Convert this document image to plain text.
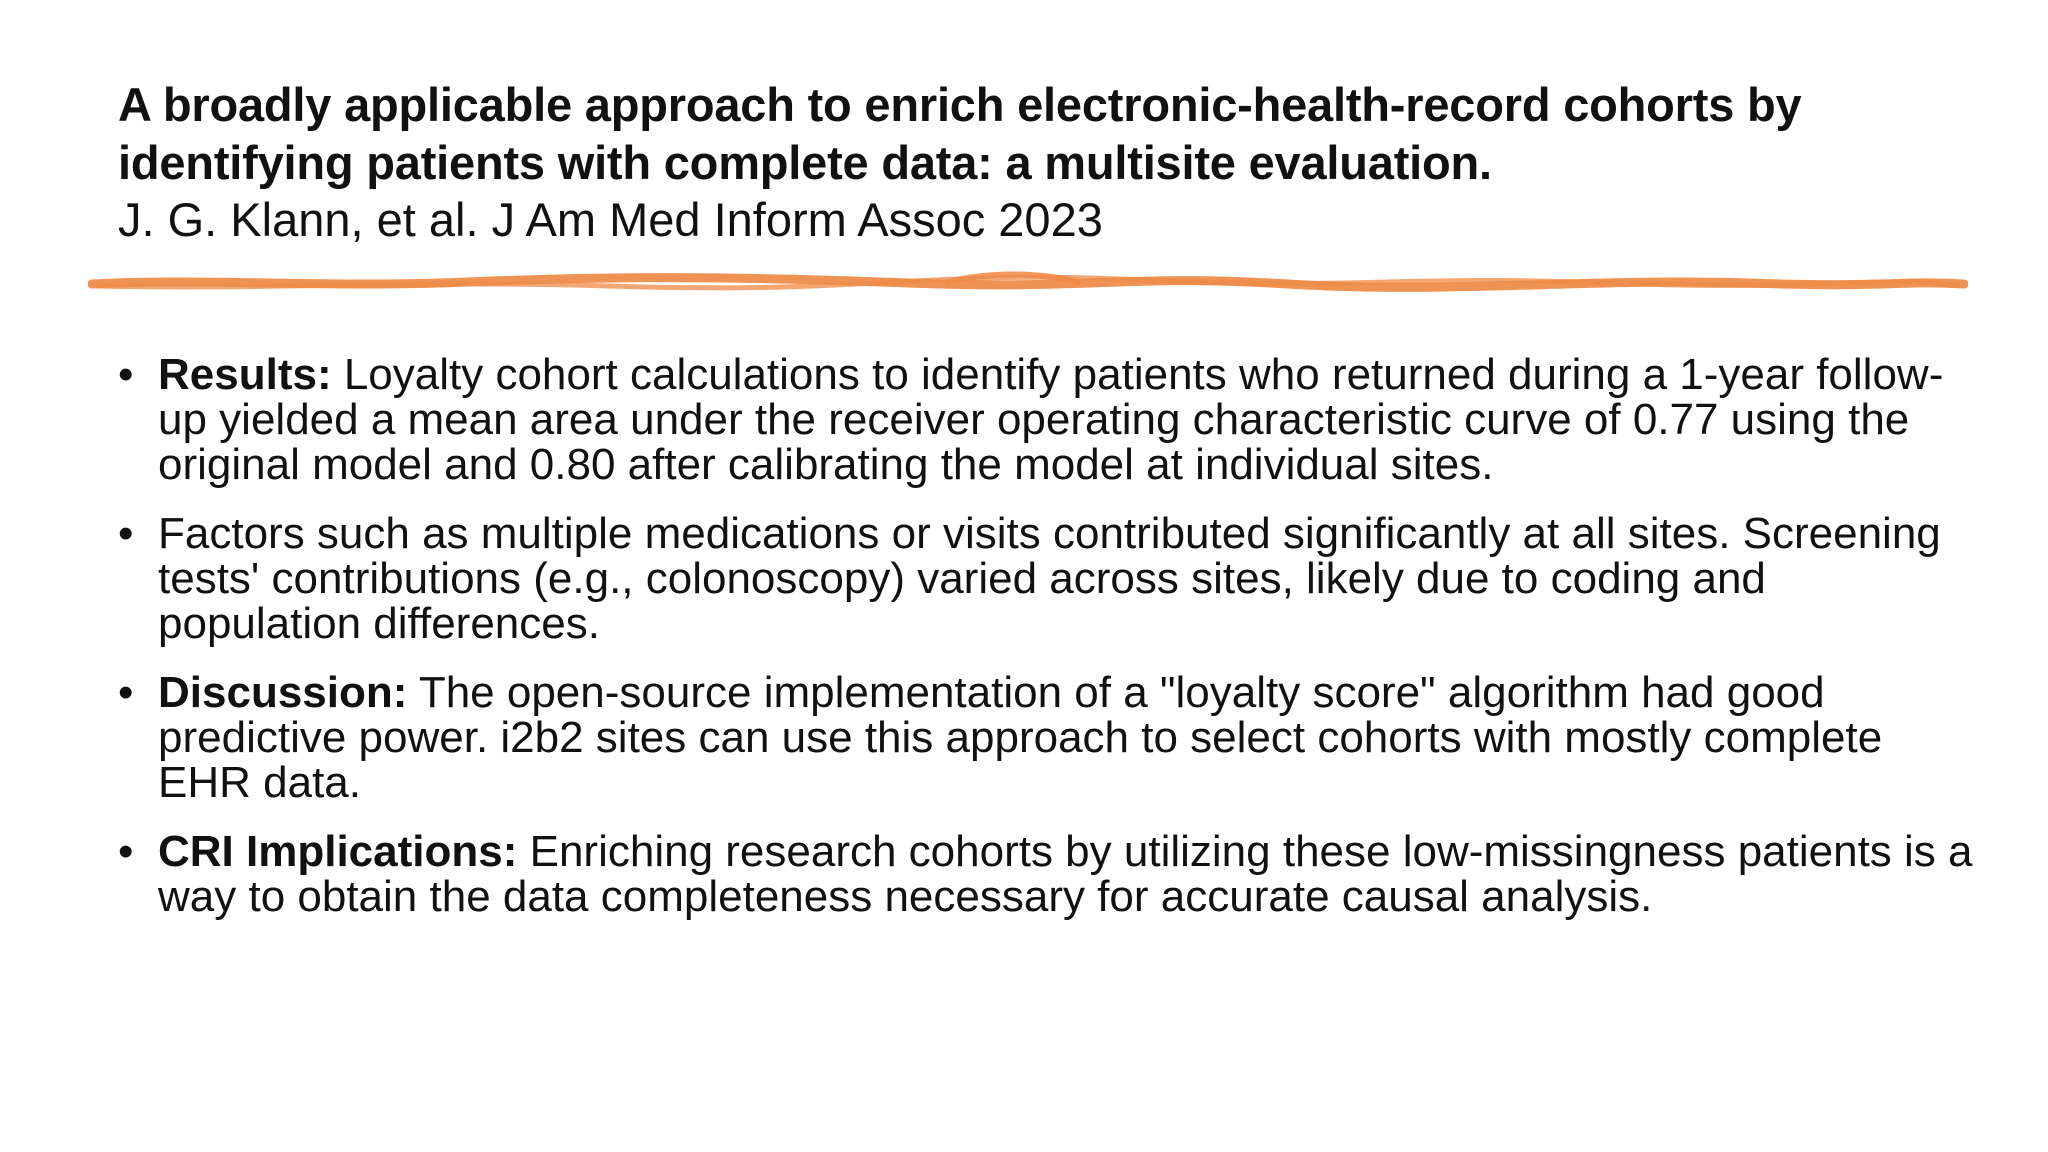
A broadly applicable approach to enrich electronic-health-record cohorts by identifying patients with complete data: a multisite evaluation.

J. G. Klann, et al. J Am Med Inform Assoc 2023

• Results: Loyalty cohort calculations to identify patients who returned during a 1-year follow-up yielded a mean area under the receiver operating characteristic curve of 0.77 using the original model and 0.80 after calibrating the model at individual sites.
• Factors such as multiple medications or visits contributed significantly at all sites. Screening tests' contributions (e.g., colonoscopy) varied across sites, likely due to coding and population differences.
• Discussion: The open-source implementation of a "loyalty score" algorithm had good predictive power. i2b2 sites can use this approach to select cohorts with mostly complete EHR data.
• CRI Implications: Enriching research cohorts by utilizing these low-missingness patients is a way to obtain the data completeness necessary for accurate causal analysis.
